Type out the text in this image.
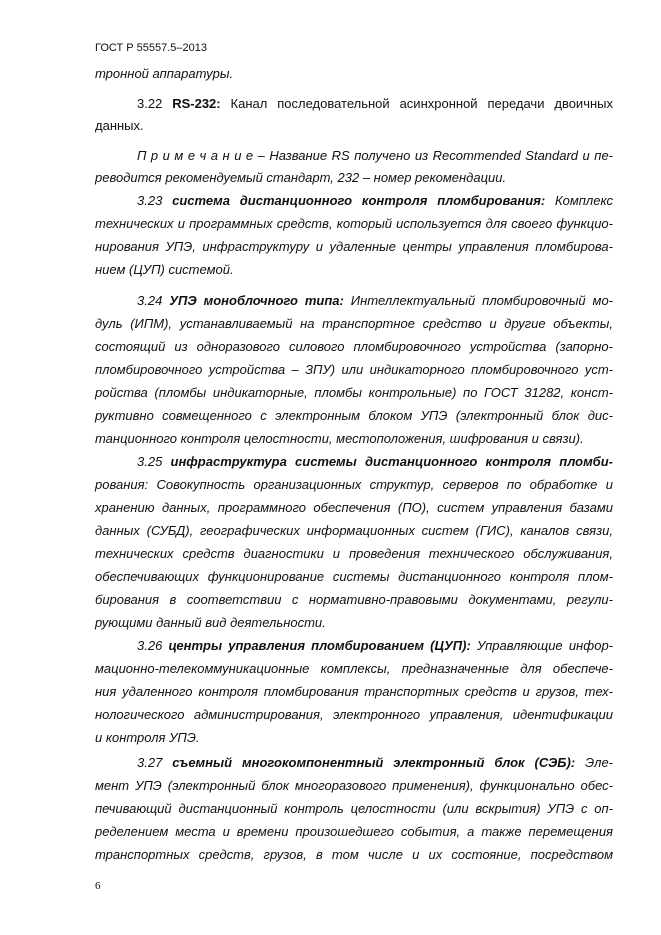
ГОСТ Р 55557.5–2013
тронной аппаратуры.
3.22 RS-232: Канал последовательной асинхронной передачи двоичных
данных.
П р и м е ч а н и е – Название RS получено из Recommended Standard и пе-
реводится рекомендуемый стандарт, 232 – номер рекомендации.
3.23 система дистанционного контроля пломбирования: Комплекс
технических и программных средств, который используется для своего функцио-
нирования УПЭ, инфраструктуру и удаленные центры управления пломбирова-
нием (ЦУП) системой.
3.24 УПЭ моноблочного типа: Интеллектуальный пломбировочный мо-
дуль (ИПМ), устанавливаемый на транспортное средство и другие объекты,
состоящий из одноразового силового пломбировочного устройства (запорно-
пломбировочного устройства – ЗПУ) или индикаторного пломбировочного уст-
ройства (пломбы индикаторные, пломбы контрольные) по ГОСТ 31282, конст-
руктивно совмещенного с электронным блоком УПЭ (электронный блок дис-
танционного контроля целостности, местоположения, шифрования и связи).
3.25 инфраструктура системы дистанционного контроля пломби-
рования: Совокупность организационных структур, серверов по обработке и
хранению данных, программного обеспечения (ПО), систем управления базами
данных (СУБД), географических информационных систем (ГИС), каналов связи,
технических средств диагностики и проведения технического обслуживания,
обеспечивающих функционирование системы дистанционного контроля плом-
бирования в соответствии с нормативно-правовыми документами, регули-
рующими данный вид деятельности.
3.26 центры управления пломбированием (ЦУП): Управляющие инфор-
мационно-телекоммуникационные комплексы, предназначенные для обеспече-
ния удаленного контроля пломбирования транспортных средств и грузов, тех-
нологического администрирования, электронного управления, идентификации
и контроля УПЭ.
3.27 съемный многокомпонентный электронный блок (СЭБ): Эле-
мент УПЭ (электронный блок многоразового применения), функционально обес-
печивающий дистанционный контроль целостности (или вскрытия) УПЭ с оп-
ределением места и времени произошедшего события, а также перемещения
транспортных средств, грузов, в том числе и их состояние, посредством
6
